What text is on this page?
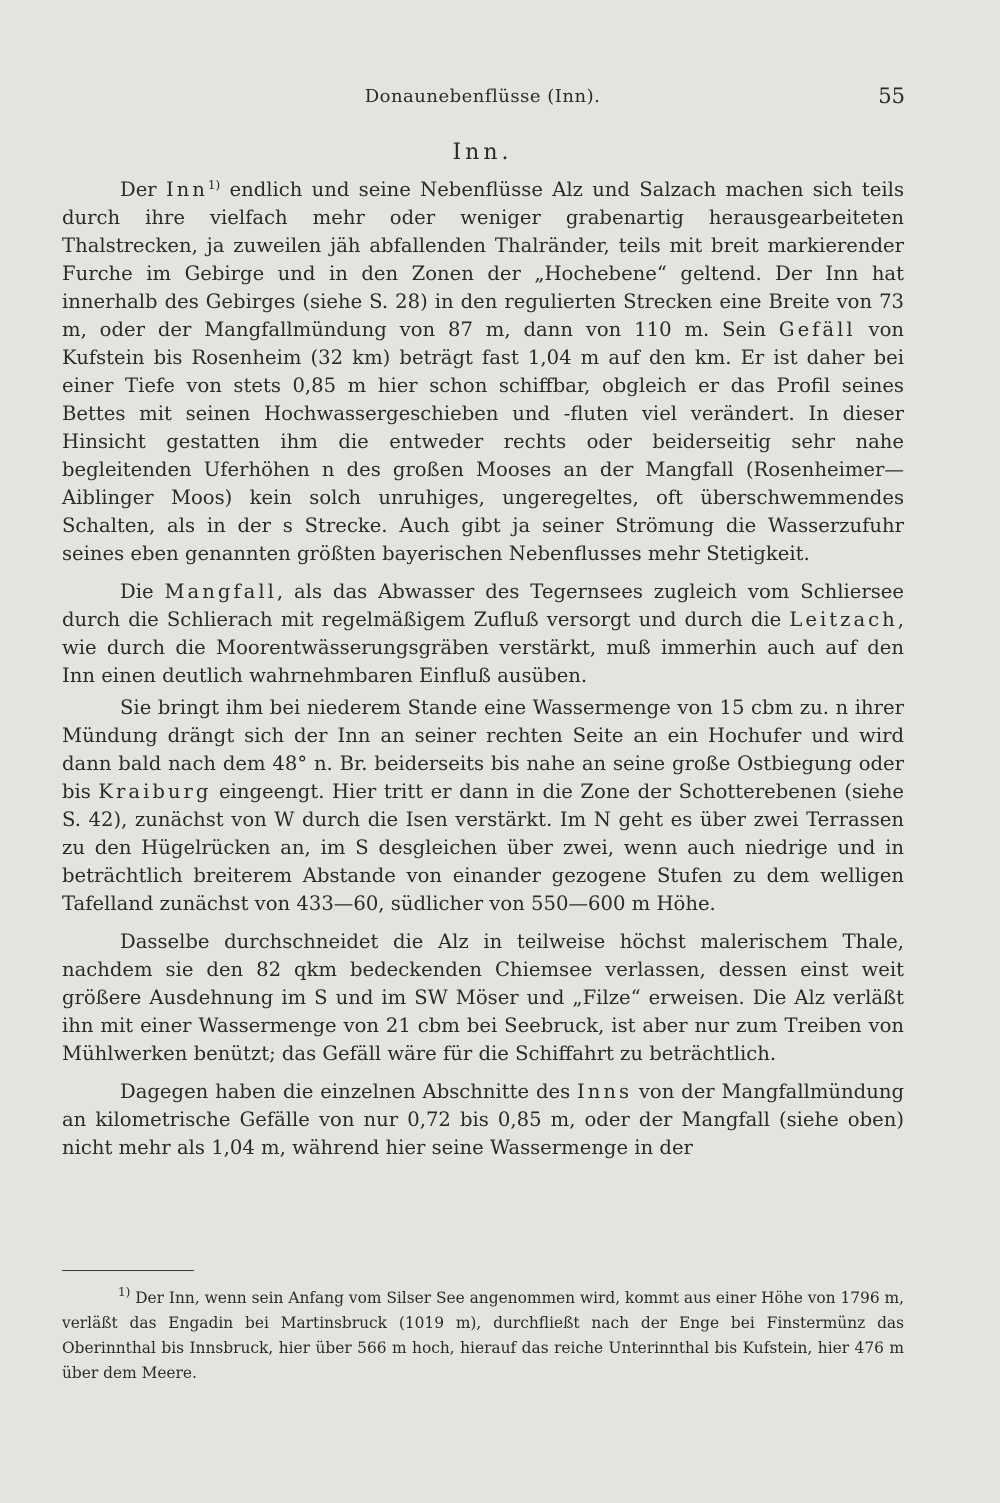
Donaunebenflüsse (Inn).	55
Inn.

Der Inn$^{1)}$ endlich und seine Nebenflüsse Alz und Salzach machen sich teils durch ihre vielfach mehr oder weniger grabenartig herausgearbeiteten Thalstrecken, ja zuweilen jäh abfallenden Thalränder, teils mit breit markierender Furche im Gebirge und in den Zonen der „Hochebene“ geltend. Der Inn hat innerhalb des Gebirges (siehe S. 28) in den regulierten Strecken eine Breite von 73 m, oder der Mangfallmündung von 87 m, dann von 110 m. Sein Gefäll von Kufstein bis Rosenheim (32 km) beträgt fast 1,04 m auf den km. Er ist daher bei einer Tiefe von stets 0,85 m hier schon schiffbar, obgleich er das Profil seines Bettes mit seinen Hochwassergeschieben und -fluten viel verändert. In dieser Hinsicht gestatten ihm die entweder rechts oder beiderseitig sehr nahe begleitenden Uferhöhen n des großen Mooses an der Mangfall (Rosenheimer—Aiblinger Moos) kein solch unruhiges, ungeregeltes, oft überschwemmendes Schalten, als in der s Strecke. Auch gibt ja seiner Strömung die Wasserzufuhr seines eben genannten größten bayerischen Nebenflusses mehr Stetigkeit.

Die Mangfall, als das Abwasser des Tegernsees zugleich vom Schliersee durch die Schlierach mit regelmäßigem Zufluß versorgt und durch die Leitzach, wie durch die Moorentwässerungsgräben verstärkt, muß immerhin auch auf den Inn einen deutlich wahrnehmbaren Einfluß ausüben.

Sie bringt ihm bei niederem Stande eine Wassermenge von 15 cbm zu. n ihrer Mündung drängt sich der Inn an seiner rechten Seite an ein Hochufer und wird dann bald nach dem 48° n. Br. beiderseits bis nahe an seine große Ostbiegung oder bis Kraiburg eingeengt. Hier tritt er dann in die Zone der Schotterebenen (siehe S. 42), zunächst von W durch die Isen verstärkt. Im N geht es über zwei Terrassen zu den Hügelrücken an, im S desgleichen über zwei, wenn auch niedrige und in beträchtlich breiterem Abstande von einander gezogene Stufen zu dem welligen Tafelland zunächst von 433—60, südlicher von 550—600 m Höhe.

Dasselbe durchschneidet die Alz in teilweise höchst malerischem Thale, nachdem sie den 82 qkm bedeckenden Chiemsee verlassen, dessen einst weit größere Ausdehnung im S und im SW Möser und „Filze“ erweisen. Die Alz verläßt ihn mit einer Wassermenge von 21 cbm bei Seebruck, ist aber nur zum Treiben von Mühlwerken benützt; das Gefäll wäre für die Schiffahrt zu beträchtlich.

Dagegen haben die einzelnen Abschnitte des Inns von der Mangfallmündung an kilometrische Gefälle von nur 0,72 bis 0,85 m, oder der Mangfall (siehe oben) nicht mehr als 1,04 m, während hier seine Wassermenge in der

$^{1)}$ Der Inn, wenn sein Anfang vom Silser See angenommen wird, kommt aus einer Höhe von 1796 m, verläßt das Engadin bei Martinsbruck (1019 m), durchfließt nach der Enge bei Finstermünz das Oberinnthal bis Innsbruck, hier über 566 m hoch, hierauf das reiche Unterinnthal bis Kufstein, hier 476 m über dem Meere.
